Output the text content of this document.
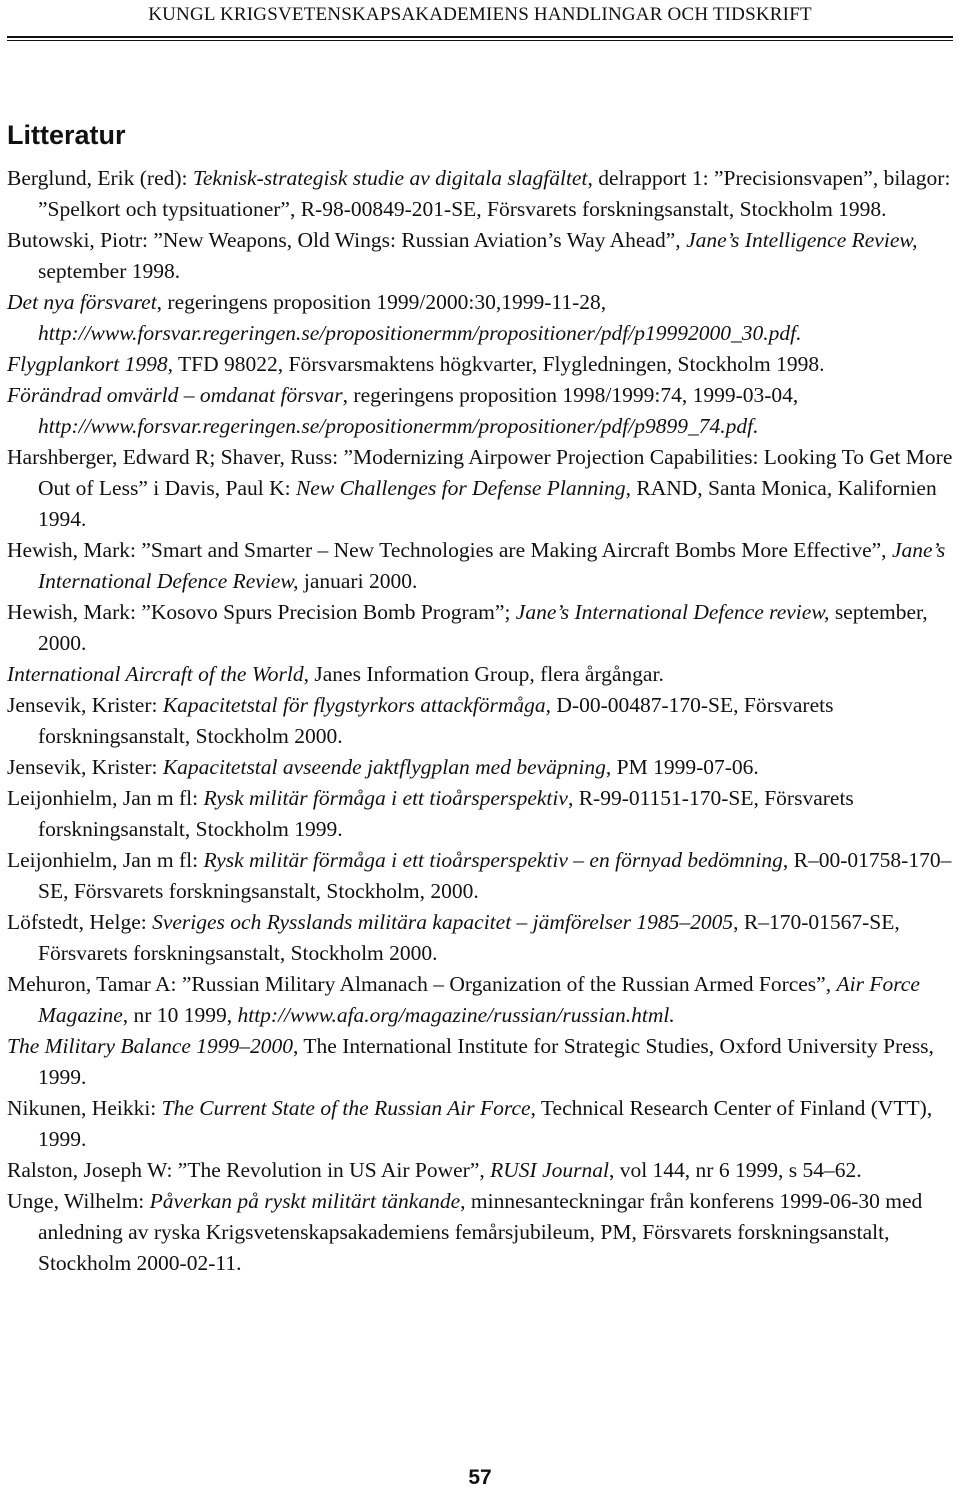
KUNGL KRIGSVETENSKAPSAKADEMIENS HANDLINGAR OCH TIDSKRIFT
Litteratur
Berglund, Erik (red): Teknisk-strategisk studie av digitala slagfältet, delrapport 1: ”Precisionsvapen”, bilagor: ”Spelkort och typsituationer”, R-98-00849-201-SE, Försvarets forskningsanstalt, Stockholm 1998.
Butowski, Piotr: ”New Weapons, Old Wings: Russian Aviation’s Way Ahead”, Jane’s Intelligence Review, september 1998.
Det nya försvaret, regeringens proposition 1999/2000:30,1999-11-28, http://www.forsvar.regeringen.se/propositionermm/propositioner/pdf/p19992000_30.pdf.
Flygplankort 1998, TFD 98022, Försvarsmaktens högkvarter, Flygledningen, Stockholm 1998.
Förändrad omvärld – omdanat försvar, regeringens proposition 1998/1999:74, 1999-03-04, http://www.forsvar.regeringen.se/propositionermm/propositioner/pdf/p9899_74.pdf.
Harshberger, Edward R; Shaver, Russ: ”Modernizing Airpower Projection Capabilities: Looking To Get More Out of Less” i Davis, Paul K: New Challenges for Defense Planning, RAND, Santa Monica, Kalifornien 1994.
Hewish, Mark: ”Smart and Smarter – New Technologies are Making Aircraft Bombs More Effective”, Jane’s International Defence Review, januari 2000.
Hewish, Mark: ”Kosovo Spurs Precision Bomb Program”; Jane’s International Defence review, september, 2000.
International Aircraft of the World, Janes Information Group, flera årgångar.
Jensevik, Krister: Kapacitetstal för flygstyrkors attackförmåga, D-00-00487-170-SE, Försvarets forskningsanstalt, Stockholm 2000.
Jensevik, Krister: Kapacitetstal avseende jaktflygplan med beväpning, PM 1999-07-06.
Leijonhielm, Jan m fl: Rysk militär förmåga i ett tioårsperspektiv, R-99-01151-170-SE, Försvarets forskningsanstalt, Stockholm 1999.
Leijonhielm, Jan m fl: Rysk militär förmåga i ett tioårsperspektiv – en förnyad bedömning, R–00-01758-170–SE, Försvarets forskningsanstalt, Stockholm, 2000.
Löfstedt, Helge: Sveriges och Rysslands militära kapacitet – jämförelser 1985–2005, R–170-01567-SE, Försvarets forskningsanstalt, Stockholm 2000.
Mehuron, Tamar A: ”Russian Military Almanach – Organization of the Russian Armed Forces”, Air Force Magazine, nr 10 1999, http://www.afa.org/magazine/russian/russian.html.
The Military Balance 1999–2000, The International Institute for Strategic Studies, Oxford University Press, 1999.
Nikunen, Heikki: The Current State of the Russian Air Force, Technical Research Center of Finland (VTT), 1999.
Ralston, Joseph W: ”The Revolution in US Air Power”, RUSI Journal, vol 144, nr 6 1999, s 54–62.
Unge, Wilhelm: Påverkan på ryskt militärt tänkande, minnesanteckningar från konferens 1999-06-30 med anledning av ryska Krigsvetenskapsakademiens femårsjubileum, PM, Försvarets forskningsanstalt, Stockholm 2000-02-11.
57
